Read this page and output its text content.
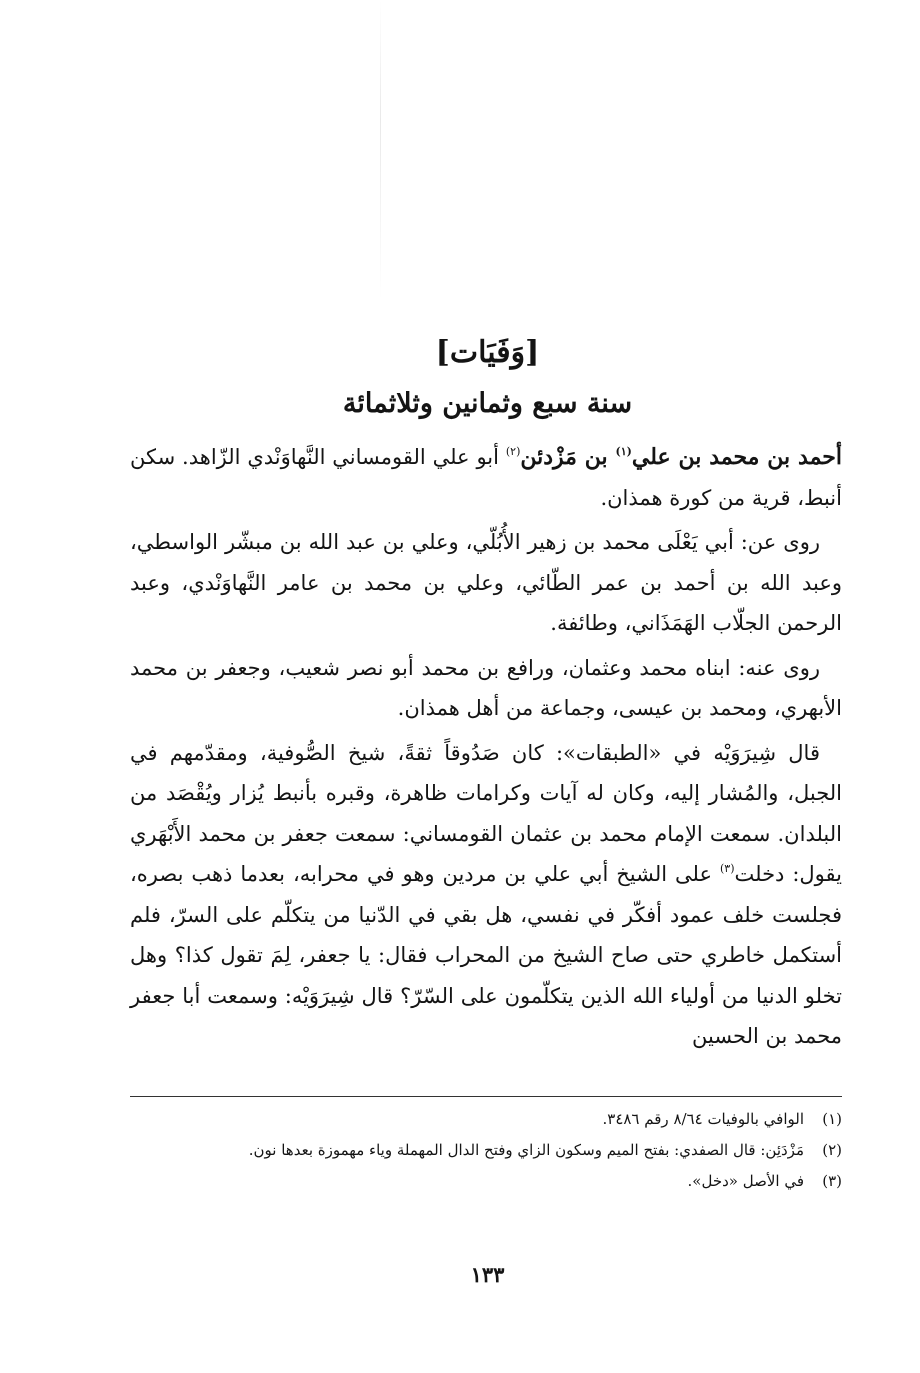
[وَفَيَات]
سنة سبع وثمانين وثلاثمائة

أحمد بن محمد بن علي$^{(١)}$ بن مَزْدئن$^{(٢)}$ أبو علي القومساني النَّهاوَنْدي الزّاهد. سكن أنبط، قرية من كورة همذان.

روى عن: أبي يَعْلَى محمد بن زهير الأُبُلّي، وعلي بن عبد الله بن مبشّر الواسطي، وعبد الله بن أحمد بن عمر الطّائي، وعلي بن محمد بن عامر النَّهاوَنْدي، وعبد الرحمن الجلّاب الهَمَذَاني، وطائفة.

روى عنه: ابناه محمد وعثمان، ورافع بن محمد أبو نصر شعيب، وجعفر بن محمد الأبهري، ومحمد بن عيسى، وجماعة من أهل همذان.

قال شِيرَوَيْه في «الطبقات»: كان صَدُوقاً ثقةً، شيخ الصُّوفية، ومقدّمهم في الجبل، والمُشار إليه، وكان له آيات وكرامات ظاهرة، وقبره بأنبط يُزار ويُقْصَد من البلدان. سمعت الإمام محمد بن عثمان القومساني: سمعت جعفر بن محمد الأَبْهَري يقول: دخلت$^{(٣)}$ على الشيخ أبي علي بن مردين وهو في محرابه، بعدما ذهب بصره، فجلست خلف عمود أفكّر في نفسي، هل بقي في الدّنيا من يتكلّم على السرّ، فلم أستكمل خاطري حتى صاح الشيخ من المحراب فقال: يا جعفر، لِمَ تقول كذا؟ وهل تخلو الدنيا من أولياء الله الذين يتكلّمون على السّرّ؟ قال شِيرَوَيْه: وسمعت أبا جعفر محمد بن الحسين

(١)
الوافي بالوفيات ٨/٦٤ رقم ٣٤٨٦.
(٢)
مَزْدَئِن: قال الصفدي: بفتح الميم وسكون الزاي وفتح الدال المهملة وياء مهموزة بعدها نون.
(٣)
في الأصل «دخل».
١٣٣
